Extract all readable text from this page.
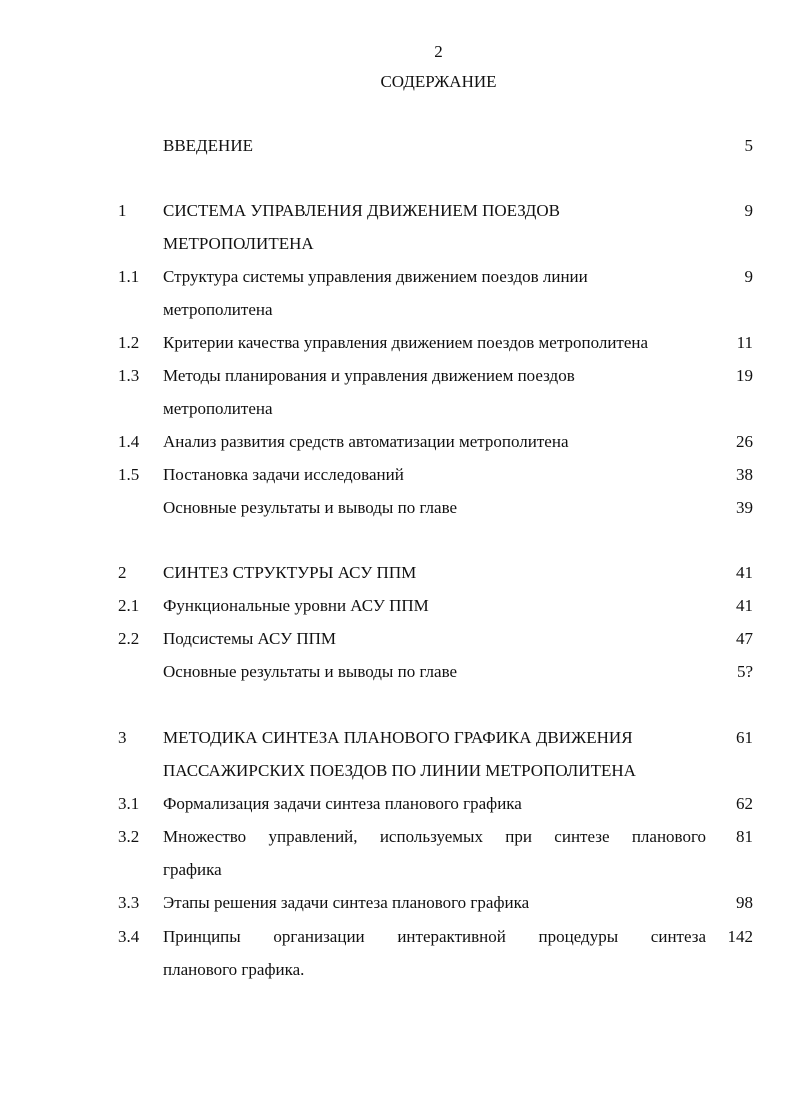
2
СОДЕРЖАНИЕ
ВВЕДЕНИЕ	5
1 СИСТЕМА УПРАВЛЕНИЯ ДВИЖЕНИЕМ ПОЕЗДОВ	9
МЕТРОПОЛИТЕНА
1.1 Структура системы управления движением поездов линии	9
метрополитена
1.2 Критерии качества управления движением поездов метрополитена	11
1.3 Методы планирования и управления движением поездов	19
метрополитена
1.4 Анализ развития средств автоматизации метрополитена	26
1.5 Постановка задачи исследований	38
Основные результаты и выводы по главе	39
2 СИНТЕЗ СТРУКТУРЫ АСУ ППМ	41
2.1 Функциональные уровни АСУ ППМ	41
2.2 Подсистемы АСУ ППМ	47
Основные результаты и выводы по главе	5?
3 МЕТОДИКА СИНТЕЗА ПЛАНОВОГО ГРАФИКА ДВИЖЕНИЯ	61
ПАССАЖИРСКИХ ПОЕЗДОВ ПО ЛИНИИ МЕТРОПОЛИТЕНА
3.1 Формализация задачи синтеза планового графика	62
3.2 Множество управлений, используемых при синтезе планового 81
графика
3.3 Этапы решения задачи синтеза планового графика	98
3.4 Принципы организации интерактивной процедуры синтеза 142
планового графика.
